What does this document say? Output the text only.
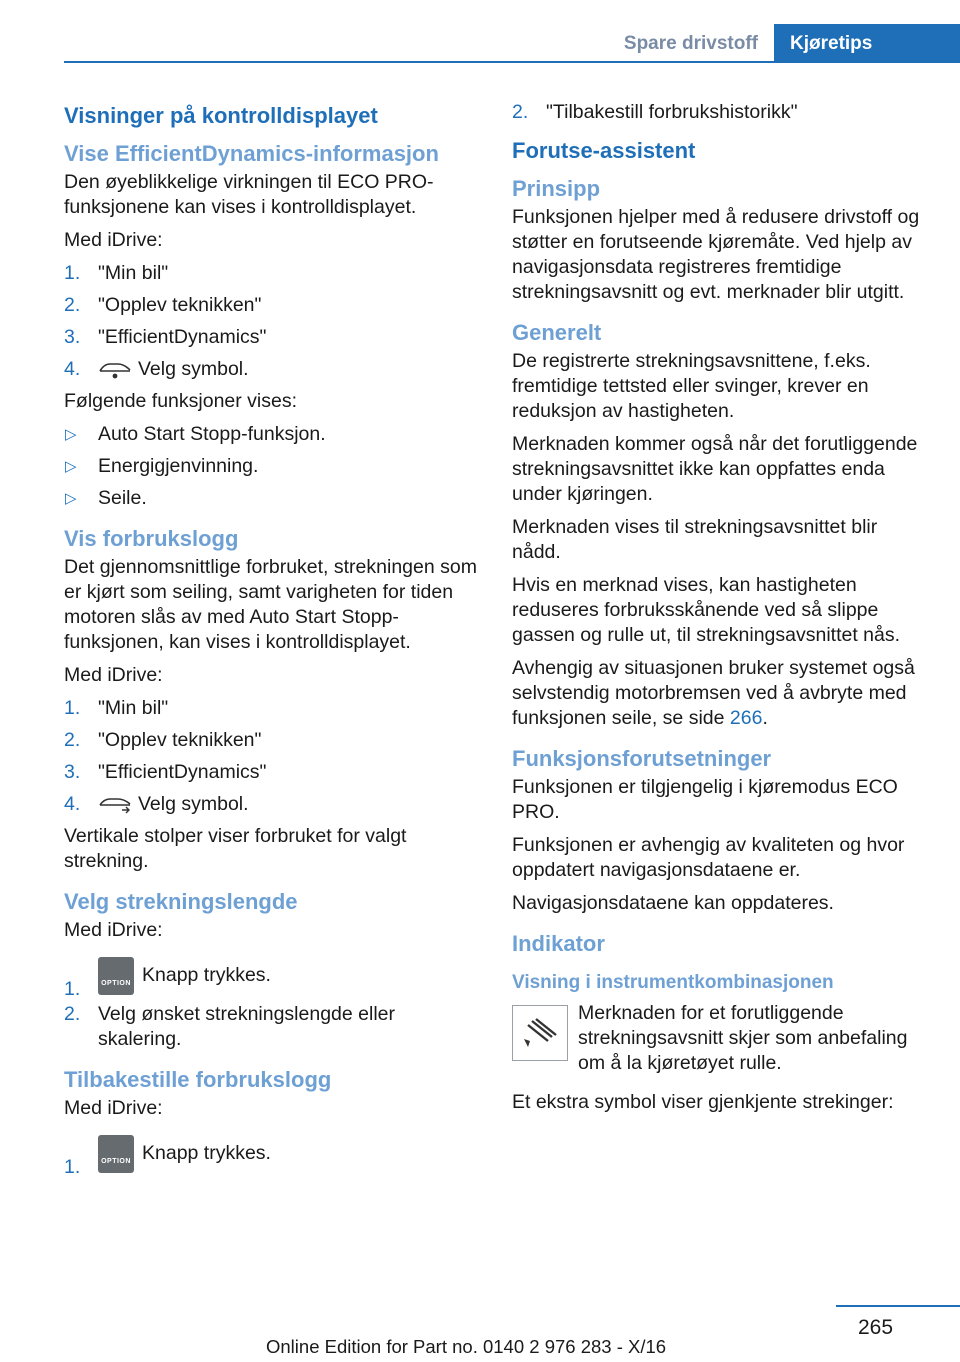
Spare drivstoff	Kjøretips
Visninger på kontrolldisplayet
Vise EfficientDynamics-informasjon

Den øyeblikkelige virkningen til ECO PRO-funksjonene kan vises i kontrolldisplayet.

Med iDrive:

1. "Min bil"
2. "Opplev teknikken"
3. "EfficientDynamics"
4.	Velg symbol.

Følgende funksjoner vises:

▷ Auto Start Stopp-funksjon.
▷ Energigjenvinning.
▷ Seile.
Vis forbrukslogg

Det gjennomsnittlige forbruket, strekningen som er kjørt som seiling, samt varigheten for tiden motoren slås av med Auto Start Stopp-funksjonen, kan vises i kontrolldisplayet.

Med iDrive:

1. "Min bil"
2. "Opplev teknikken"
3. "EfficientDynamics"
4.	Velg symbol.

Vertikale stolper viser forbruket for valgt strekning.

Velg strekningslengde

Med iDrive:

1.	OPTION Knapp trykkes.
2. Velg ønsket strekningslengde eller skalering.
Tilbakestille forbrukslogg

Med iDrive:

1.	OPTION Knapp trykkes.
2. "Tilbakestill forbrukshistorikk"
Forutse-assistent
Prinsipp

Funksjonen hjelper med å redusere drivstoff og støtter en forutseende kjøremåte. Ved hjelp av navigasjonsdata registreres fremtidige strekningsavsnitt og evt. merknader blir utgitt.

Generelt

De registrerte strekningsavsnittene, f.eks. fremtidige tettsted eller svinger, krever en reduksjon av hastigheten.

Merknaden kommer også når det forutliggende strekningsavsnittet ikke kan oppfattes enda under kjøringen.

Merknaden vises til strekningsavsnittet blir nådd.

Hvis en merknad vises, kan hastigheten reduseres forbruksskånende ved så slippe gassen og rulle ut, til strekningsavsnittet nås.

Avhengig av situasjonen bruker systemet også selvstendig motorbremsen ved å avbryte med funksjonen seile, se side 266.

Funksjonsforutsetninger

Funksjonen er tilgjengelig i kjøremodus ECO PRO.

Funksjonen er avhengig av kvaliteten og hvor oppdatert navigasjonsdataene er.

Navigasjonsdataene kan oppdateres.

Indikator
Visning i instrumentkombinasjonen
Merknaden for et forutliggende strekningsavsnitt skjer som anbefaling om å la kjøretøyet rulle.

Et ekstra symbol viser gjenkjente strekinger:

265
Online Edition for Part no. 0140 2 976 283 - X/16
